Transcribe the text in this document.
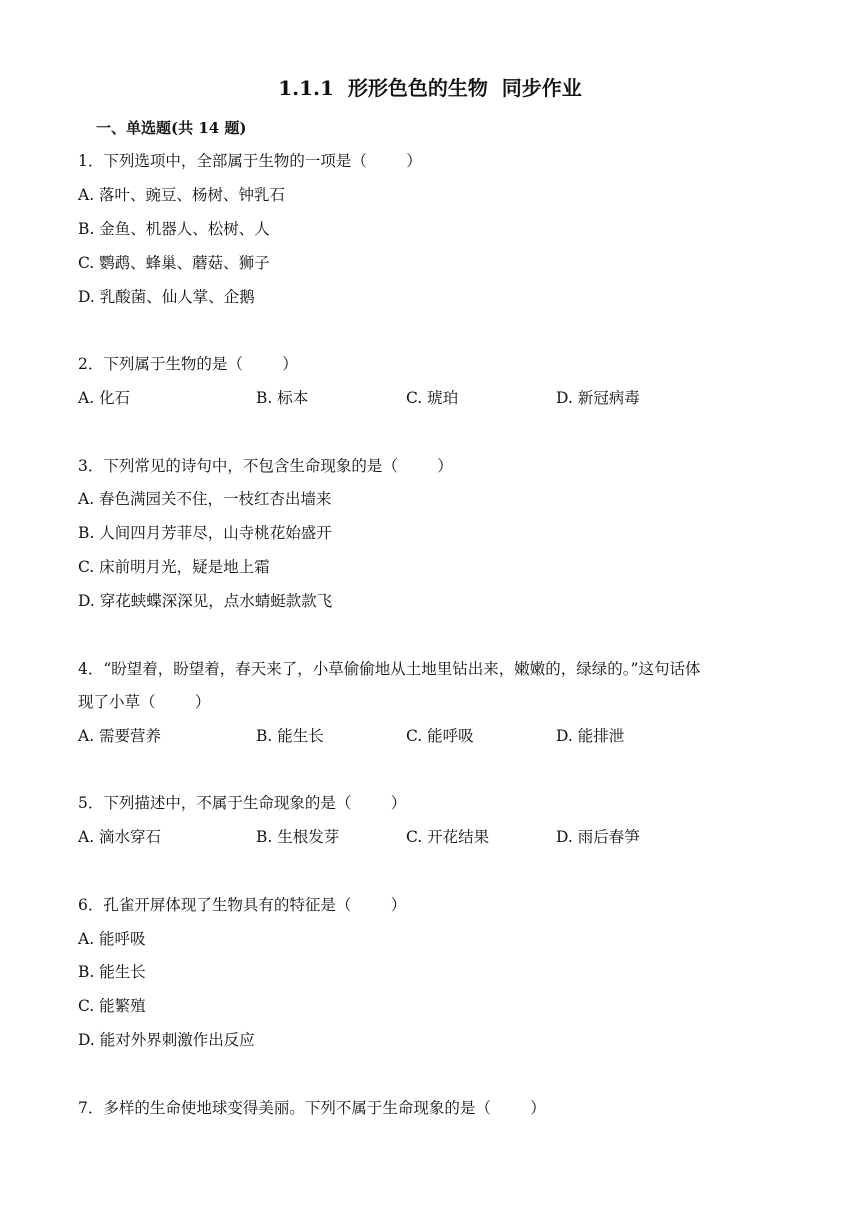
1.1.1  形形色色的生物  同步作业
一、单选题(共 14 题)
1．下列选项中，全部属于生物的一项是（        ）
A. 落叶、豌豆、杨树、钟乳石
B. 金鱼、机器人、松树、人
C. 鹦鹉、蜂巢、蘑菇、狮子
D. 乳酸菌、仙人掌、企鹅
2．下列属于生物的是（        ）
A. 化石	B. 标本	C. 琥珀	D. 新冠病毒
3．下列常见的诗句中，不包含生命现象的是（        ）
A. 春色满园关不住，一枝红杏出墙来
B. 人间四月芳菲尽，山寺桃花始盛开
C. 床前明月光，疑是地上霜
D. 穿花蛱蝶深深见，点水蜻蜓款款飞
4．“盼望着，盼望着，春天来了，小草偷偷地从土地里钻出来，嫩嫩的，绿绿的。”这句话体
现了小草（        ）
A. 需要营养	B. 能生长	C. 能呼吸	D. 能排泄
5．下列描述中，不属于生命现象的是（        ）
A. 滴水穿石	B. 生根发芽	C. 开花结果	D. 雨后春笋
6．孔雀开屏体现了生物具有的特征是（        ）
A. 能呼吸
B. 能生长
C. 能繁殖
D. 能对外界刺激作出反应
7．多样的生命使地球变得美丽。下列不属于生命现象的是（        ）
